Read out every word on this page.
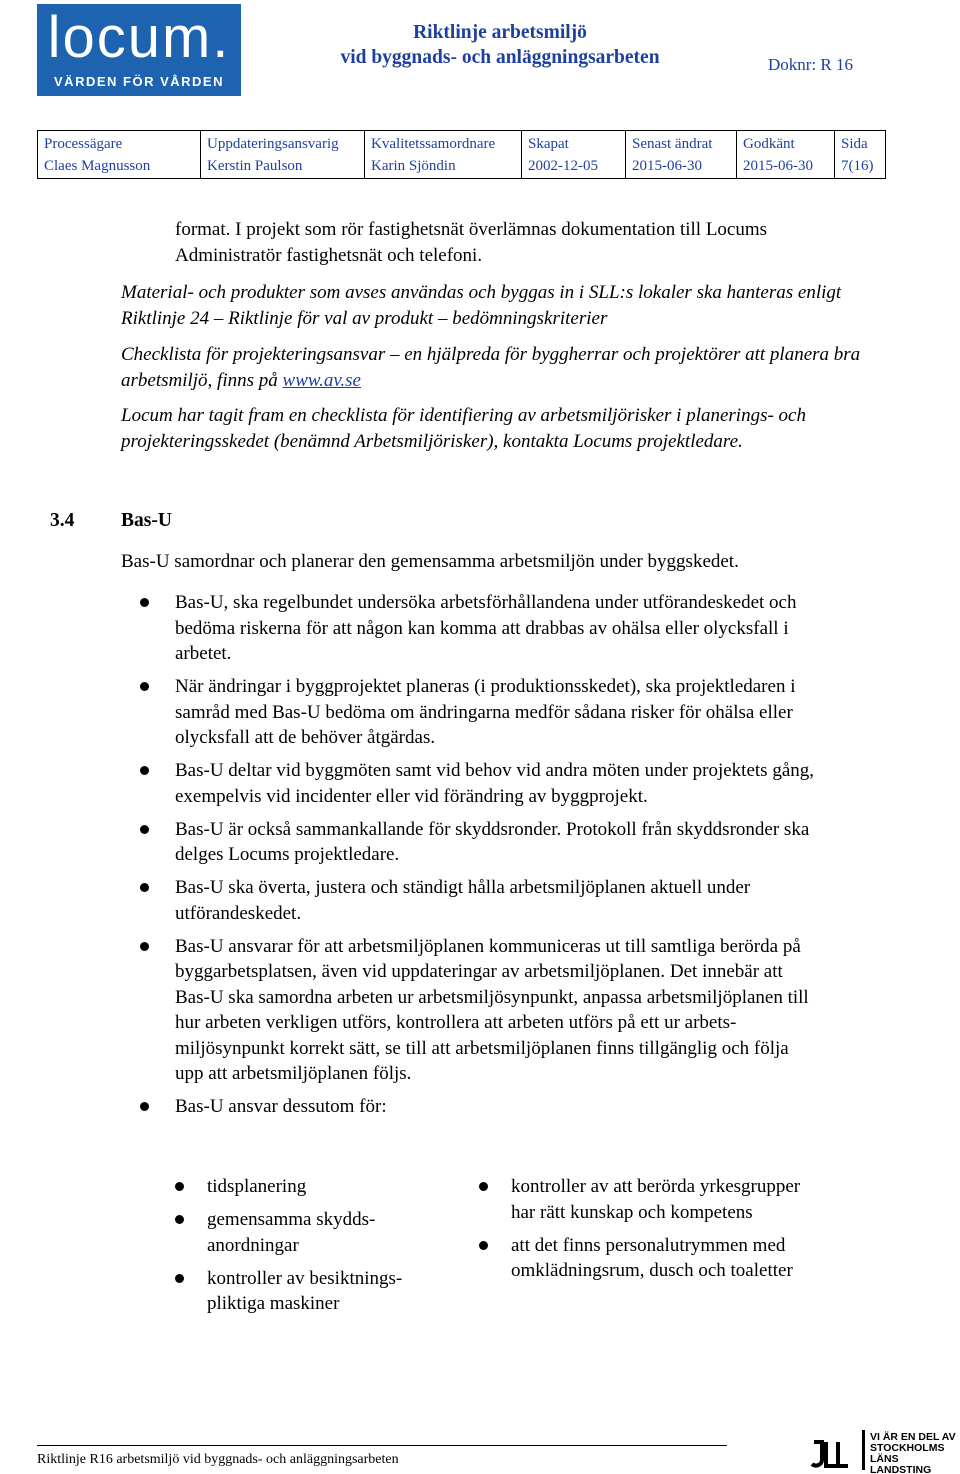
locum.
VÄRDEN FÖR VÅRDEN
Riktlinje arbetsmiljö
vid byggnads- och anläggningsarbeten	Doknr: R 16
Processägare
Claes Magnusson
	Uppdateringsansvarig
Kerstin Paulson
	Kvalitetssamordnare
Karin Sjöndin
	Skapat
2002-12-05
	Senast ändrat
2015-06-30
	Godkänt
2015-06-30
	Sida
7(16)

format. I projekt som rör fastighetsnät överlämnas dokumentation till Locums Administratör fastighetsnät och telefoni.

Material- och produkter som avses användas och byggas in i SLL:s lokaler ska hanteras enligt Riktlinje 24 – Riktlinje för val av produkt – bedömningskriterier

Checklista för projekteringsansvar – en hjälpreda för byggherrar och projektörer att planera bra arbetsmiljö, finns på www.av.se

Locum har tagit fram en checklista för identifiering av arbetsmiljörisker i planerings- och projekteringsskedet (benämnd Arbetsmiljörisker), kontakta Locums projektledare.

3.4 Bas-U

Bas-U samordnar och planerar den gemensamma arbetsmiljön under byggskedet.

Bas-U, ska regelbundet undersöka arbetsförhållandena under utförandeskedet och bedöma riskerna för att någon kan komma att drabbas av ohälsa eller olycksfall i arbetet.
När ändringar i byggprojektet planeras (i produktionsskedet), ska projektledaren i samråd med Bas-U bedöma om ändringarna medför sådana risker för ohälsa eller olycksfall att de behöver åtgärdas.
Bas-U deltar vid byggmöten samt vid behov vid andra möten under projektets gång, exempelvis vid incidenter eller vid förändring av byggprojekt.
Bas-U är också sammankallande för skyddsronder. Protokoll från skyddsronder ska delges Locums projektledare.
Bas-U ska överta, justera och ständigt hålla arbetsmiljöplanen aktuell under utförandeskedet.
Bas-U ansvarar för att arbetsmiljöplanen kommuniceras ut till samtliga berörda på byggarbetsplatsen, även vid uppdateringar av arbetsmiljöplanen. Det innebär att Bas-U ska samordna arbeten ur arbetsmiljösynpunkt, anpassa arbetsmiljöplanen till hur arbeten verkligen utförs, kontrollera att arbeten utförs på ett ur arbets-miljösynpunkt korrekt sätt, se till att arbetsmiljöplanen finns tillgänglig och följa upp att arbetsmiljöplanen följs.
Bas-U ansvar dessutom för:
tidsplanering
gemensamma skydds-anordningar
kontroller av besiktnings-pliktiga maskiner
kontroller av att berörda yrkesgrupper har rätt kunskap och kompetens
att det finns personalutrymmen med omklädningsrum, dusch och toaletter
Riktlinje R16 arbetsmiljö vid byggnads- och anläggningsarbeten
VI ÄR EN DEL AV
STOCKHOLMS
LÄNS LANDSTING
